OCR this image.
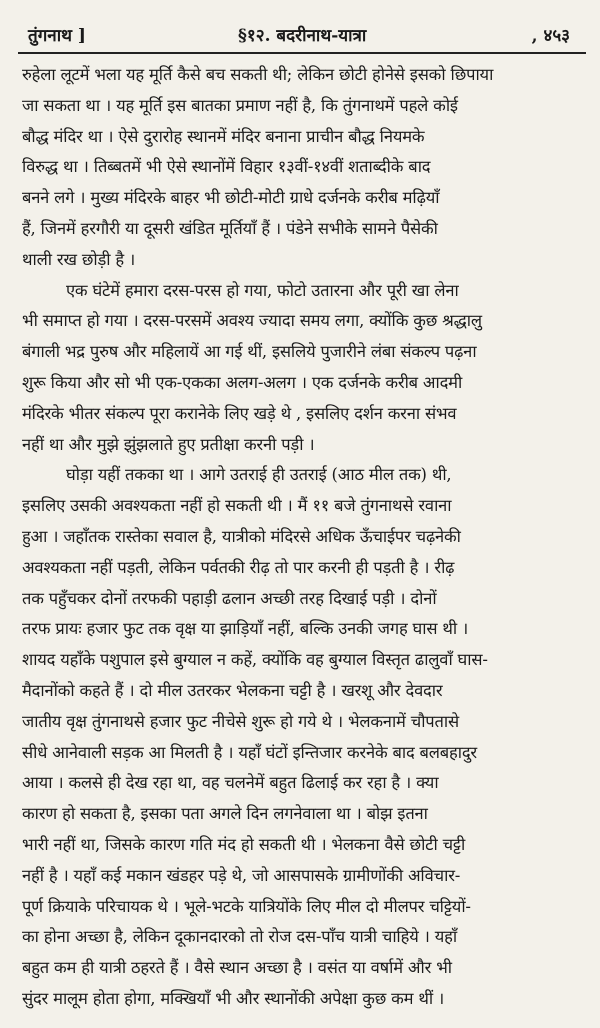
तुंगनाथ ]	§१२. बदरीनाथ-यात्रा	, ४५३
रुहेला लूटमें भला यह मूर्ति कैसे बच सकती थी; लेकिन छोटी होनेसे इसको छिपाया
जा सकता था । यह मूर्ति इस बातका प्रमाण नहीं है, कि तुंगनाथमें पहले कोई
बौद्ध मंदिर था । ऐसे दुरारोह स्थानमें मंदिर बनाना प्राचीन बौद्ध नियमके
विरुद्ध था । तिब्बतमें भी ऐसे स्थानोंमें विहार १३वीं-१४वीं शताब्दीके बाद
बनने लगे । मुख्य मंदिरके बाहर भी छोटी-मोटी ग्राधे दर्जनके करीब मढ़ियाँ
हैं, जिनमें हरगौरी या दूसरी खंडित मूर्तियाँ हैं । पंडेने सभीके सामने पैसेकी
थाली रख छोड़ी है ।
एक घंटेमें हमारा दरस-परस हो गया, फोटो उतारना और पूरी खा लेना
भी समाप्त हो गया । दरस-परसमें अवश्य ज्यादा समय लगा, क्योंकि कुछ श्रद्धालु
बंगाली भद्र पुरुष और महिलायें आ गई थीं, इसलिये पुजारीने लंबा संकल्प पढ़ना
शुरू किया और सो भी एक-एकका अलग-अलग । एक दर्जनके करीब आदमी
मंदिरके भीतर संकल्प पूरा करानेके लिए खड़े थे , इसलिए दर्शन करना संभव
नहीं था और मुझे झुंझलाते हुए प्रतीक्षा करनी पड़ी ।
घोड़ा यहीं तकका था । आगे उतराई ही उतराई (आठ मील तक) थी,
इसलिए उसकी अवश्यकता नहीं हो सकती थी । मैं ११ बजे तुंगनाथसे रवाना
हुआ । जहाँतक रास्तेका सवाल है, यात्रीको मंदिरसे अधिक ऊँचाईपर चढ़नेकी
अवश्यकता नहीं पड़ती, लेकिन पर्वतकी रीढ़ तो पार करनी ही पड़ती है । रीढ़
तक पहुँचकर दोनों तरफकी पहाड़ी ढलान अच्छी तरह दिखाई पड़ी । दोनों
तरफ प्रायः हजार फुट तक वृक्ष या झाड़ियाँ नहीं, बल्कि उनकी जगह घास थी ।
शायद यहाँके पशुपाल इसे बुग्याल न कहें, क्योंकि वह बुग्याल विस्तृत ढालुवाँ घास-
मैदानोंको कहते हैं । दो मील उतरकर भेलकना चट्टी है । खरशू और देवदार
जातीय वृक्ष तुंगनाथसे हजार फुट नीचेसे शुरू हो गये थे । भेलकनामें चौपतासे
सीधे आनेवाली सड़क आ मिलती है । यहाँ घंटों इन्तिजार करनेके बाद बलबहादुर
आया । कलसे ही देख रहा था, वह चलनेमें बहुत ढिलाई कर रहा है । क्या
कारण हो सकता है, इसका पता अगले दिन लगनेवाला था । बोझ इतना
भारी नहीं था, जिसके कारण गति मंद हो सकती थी । भेलकना वैसे छोटी चट्टी
नहीं है । यहाँ कई मकान खंडहर पड़े थे, जो आसपासके ग्रामीणोंकी अविचार-
पूर्ण क्रियाके परिचायक थे । भूले-भटके यात्रियोंके लिए मील दो मीलपर चट्टियों-
का होना अच्छा है, लेकिन दूकानदारको तो रोज दस-पाँच यात्री चाहिये । यहाँ
बहुत कम ही यात्री ठहरते हैं । वैसे स्थान अच्छा है । वसंत या वर्षामें और भी
सुंदर मालूम होता होगा, मक्खियाँ भी और स्थानोंकी अपेक्षा कुछ कम थीं ।
